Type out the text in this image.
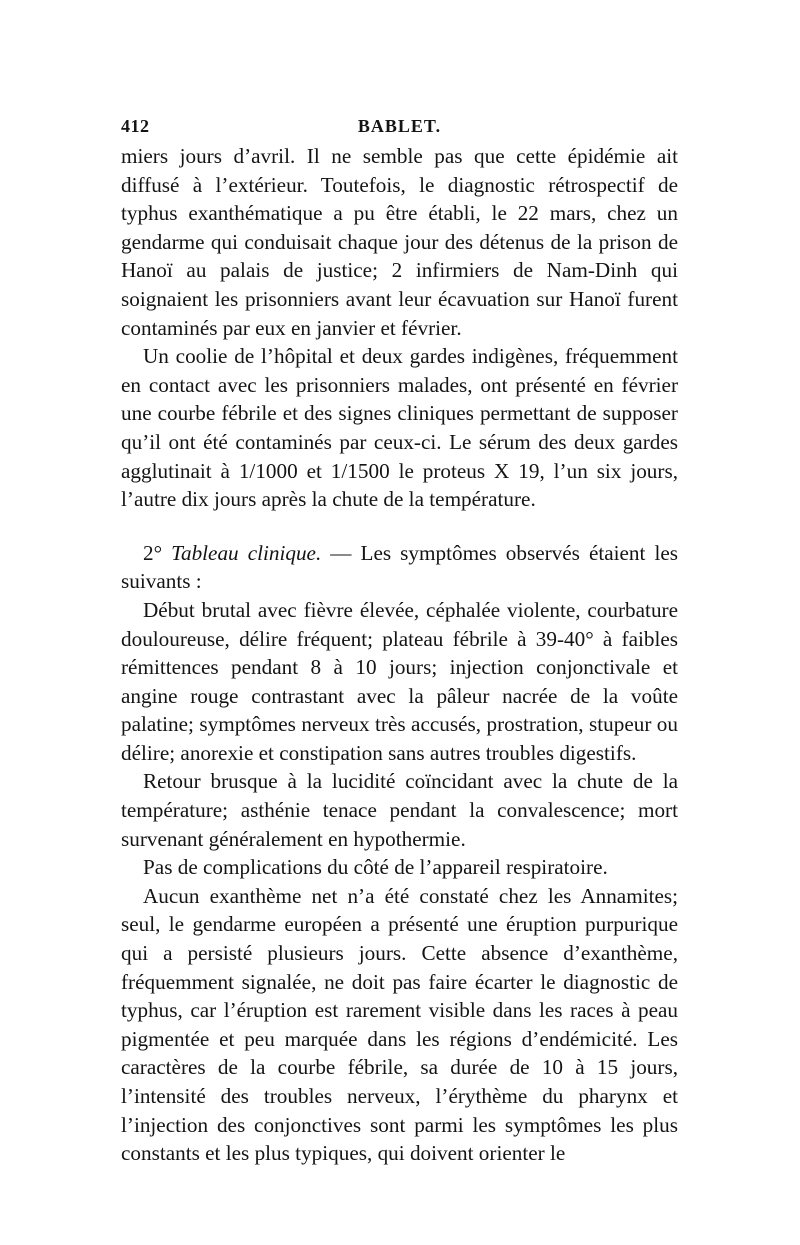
412	BABLET.

miers jours d’avril. Il ne semble pas que cette épidémie ait diffusé à l’extérieur. Toutefois, le diagnostic rétrospectif de typhus exanthématique a pu être établi, le 22 mars, chez un gendarme qui conduisait chaque jour des détenus de la prison de Hanoï au palais de justice; 2 infirmiers de Nam-Dinh qui soignaient les prisonniers avant leur écavuation sur Hanoï furent contaminés par eux en janvier et février.

Un coolie de l’hôpital et deux gardes indigènes, fréquemment en contact avec les prisonniers malades, ont présenté en février une courbe fébrile et des signes cliniques permettant de supposer qu’il ont été contaminés par ceux-ci. Le sérum des deux gardes agglutinait à 1/1000 et 1/1500 le proteus X 19, l’un six jours, l’autre dix jours après la chute de la température.

2° Tableau clinique. — Les symptômes observés étaient les suivants :

Début brutal avec fièvre élevée, céphalée violente, courbature douloureuse, délire fréquent; plateau fébrile à 39-40° à faibles rémittences pendant 8 à 10 jours; injection conjonctivale et angine rouge contrastant avec la pâleur nacrée de la voûte palatine; symptômes nerveux très accusés, prostration, stupeur ou délire; anorexie et constipation sans autres troubles digestifs.

Retour brusque à la lucidité coïncidant avec la chute de la température; asthénie tenace pendant la convalescence; mort survenant généralement en hypothermie.

Pas de complications du côté de l’appareil respiratoire.

Aucun exanthème net n’a été constaté chez les Annamites; seul, le gendarme européen a présenté une éruption purpurique qui a persisté plusieurs jours. Cette absence d’exanthème, fréquemment signalée, ne doit pas faire écarter le diagnostic de typhus, car l’éruption est rarement visible dans les races à peau pigmentée et peu marquée dans les régions d’endémicité. Les caractères de la courbe fébrile, sa durée de 10 à 15 jours, l’intensité des troubles nerveux, l’érythème du pharynx et l’injection des conjonctives sont parmi les symptômes les plus constants et les plus typiques, qui doivent orienter le
